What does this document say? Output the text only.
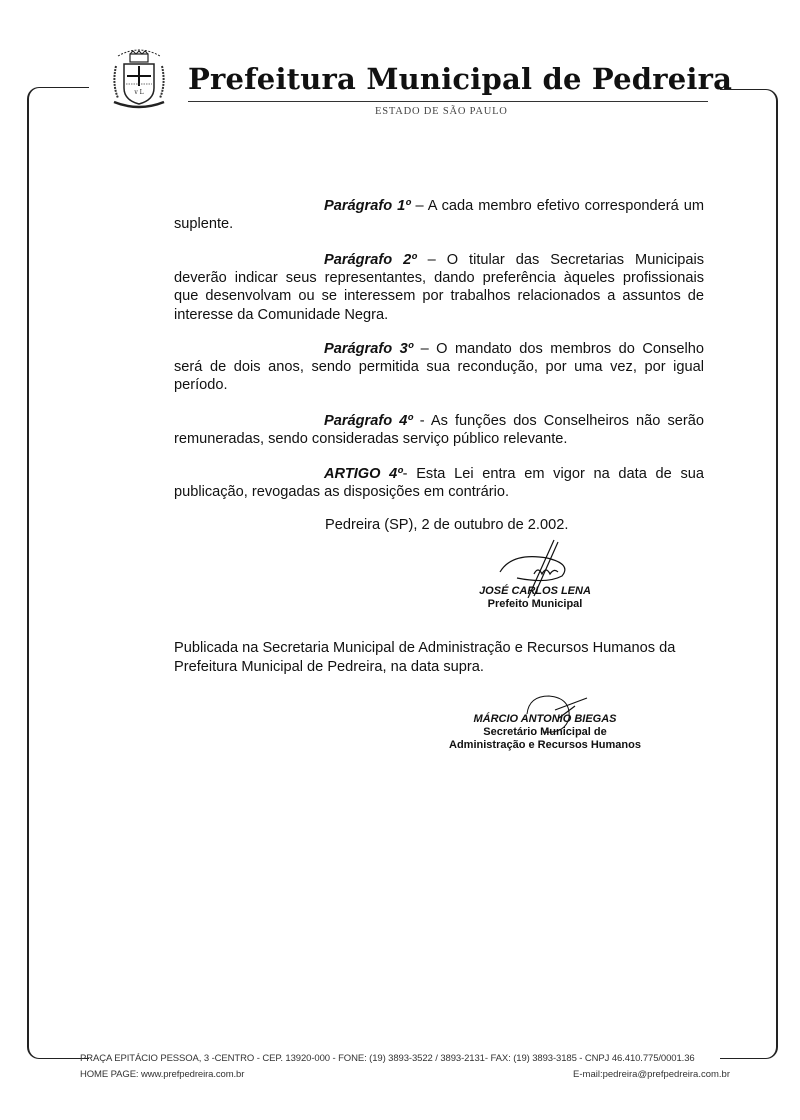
v L Prefeitura Municipal de Pedreira
ESTADO DE SÃO PAULO

Parágrafo 1º – A cada membro efetivo corresponderá um suplente.

Parágrafo 2º – O titular das Secretarias Municipais deverão indicar seus representantes, dando preferência àqueles profissionais que desenvolvam ou se interessem por trabalhos relacionados a assuntos de interesse da Comunidade Negra.

Parágrafo 3º – O mandato dos membros do Conselho será de dois anos, sendo permitida sua recondução, por uma vez, por igual período.

Parágrafo 4º - As funções dos Conselheiros não serão remuneradas, sendo consideradas serviço público relevante.

ARTIGO 4º- Esta Lei entra em vigor na data de sua publicação, revogadas as disposições em contrário.

Pedreira (SP), 2 de outubro de 2.002.
JOSÉ CARLOS LENA
Prefeito Municipal
Publicada na Secretaria Municipal de Administração e Recursos Humanos da Prefeitura Municipal de Pedreira, na data supra.
MÁRCIO ANTONIO BIEGAS
Secretário Municipal de
Administração e Recursos Humanos
PRAÇA EPITÁCIO PESSOA, 3 -CENTRO - CEP. 13920-000 - FONE: (19) 3893-3522 / 3893-2131- FAX: (19) 3893-3185 - CNPJ 46.410.775/0001.36
HOME PAGE: www.prefpedreira.com.br	E-mail:pedreira@prefpedreira.com.br
